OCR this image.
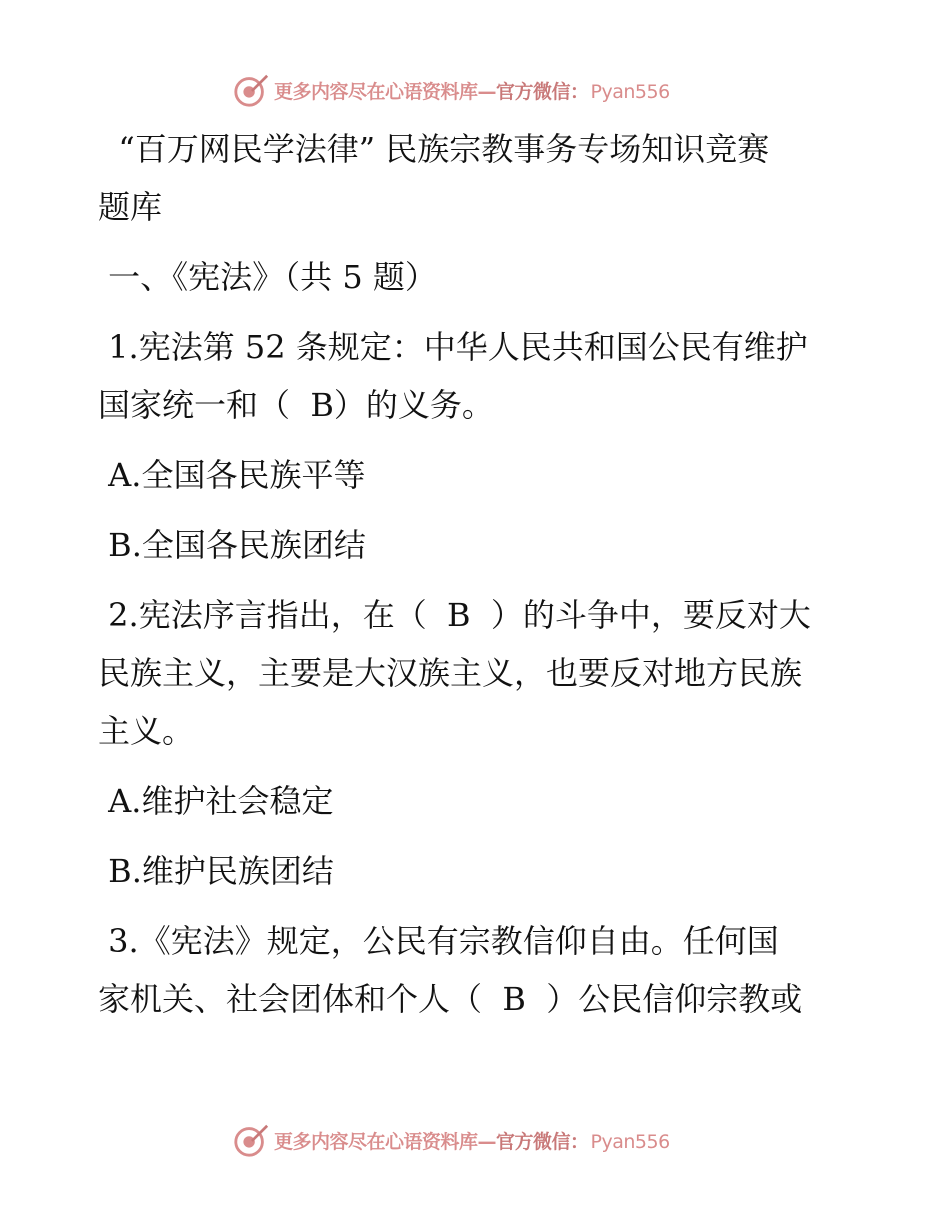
更多内容尽在心语资料库—官方微信： Pyan556
“百万网民学法律” 民族宗教事务专场知识竞赛
题库
一、《宪法》（共 5 题）
1.宪法第 52 条规定：中华人民共和国公民有维护
国家统一和（  B）的义务。
A.全国各民族平等
B.全国各民族团结
2.宪法序言指出，在（  B  ）的斗争中，要反对大
民族主义，主要是大汉族主义，也要反对地方民族
主义。
A.维护社会稳定
B.维护民族团结
3.《宪法》规定，公民有宗教信仰自由。任何国
家机关、社会团体和个人（  B  ）公民信仰宗教或
更多内容尽在心语资料库—官方微信： Pyan556
